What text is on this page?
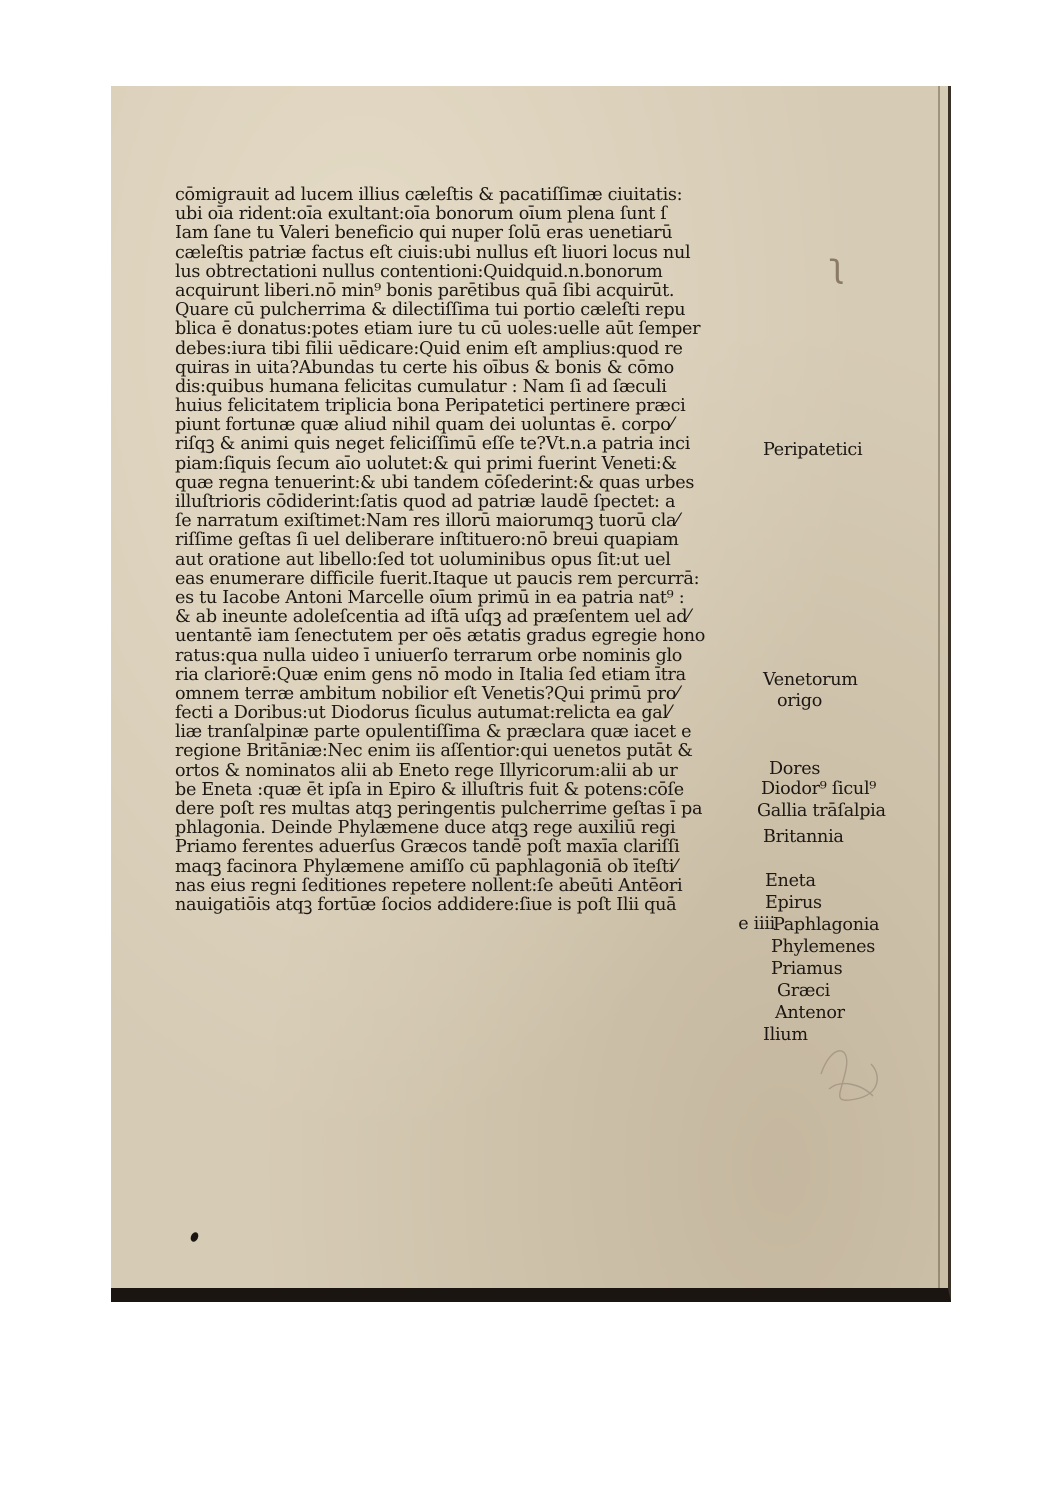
ʅ
cōmigrauit ad lucem illius cæleſtis & pacatiſſimæ ciuitatis:
ubi oīa rident:oīa exultant:oīa bonorum oīum plena ſunt ſ
Iam ſane tu Valeri beneficio qui nuper ſolū eras uenetiarū
cæleſtis patriæ factus eſt ciuis:ubi nullus eſt liuori locus nul
lus obtrectationi nullus contentioni:Quidquid.n.bonorum
acquirunt liberi.nō min⁹ bonis parētibus quā ſibi acquirūt.
Quare cū pulcherrima & dilectiſſima tui portio cæleſti repu
blica ē donatus:potes etiam iure tu cū uoles:uelle aūt ſemper
debes:iura tibi filii uēdicare:Quid enim eſt amplius:quod re
quiras in uita?Abundas tu certe his oībus & bonis & cōmo
dis:quibus humana felicitas cumulatur : Nam ſi ad ſæculi
huius felicitatem triplicia bona Peripatetici pertinere præci
piunt fortunæ quæ aliud nihil quam dei uoluntas ē. corpo⁄
riſqꝫ & animi quis neget feliciſſimū eſſe te?Vt.n.a patria inci
piam:ſiquis ſecum aīo uolutet:& qui primi fuerint Veneti:&
quæ regna tenuerint:& ubi tandem cōſederint:& quas urbes
illuſtrioris cōdiderint:ſatis quod ad patriæ laudē ſpectet: a
ſe narratum exiſtimet:Nam res illorū maiorumqꝫ tuorū cla⁄
riſſime geſtas ſi uel deliberare inſtituero:nō breui quapiam
aut oratione aut libello:ſed tot uoluminibus opus ſit:ut uel
eas enumerare difficile fuerit.Itaque ut paucis rem percurrā:
es tu Iacobe Antoni Marcelle oīum primū in ea patria nat⁹ :
& ab ineunte adoleſcentia ad iſtā uſqꝫ ad præſentem uel ad⁄
uentantē iam ſenectutem per oēs ætatis gradus egregie hono
ratus:qua nulla uideo ī uniuerſo terrarum orbe nominis glo
ria clariorē:Quæ enim gens nō modo in Italia ſed etiam ītra
omnem terræ ambitum nobilior eſt Venetis?Qui primū pro⁄
fecti a Doribus:ut Diodorus ſiculus autumat:relicta ea gal⁄
liæ tranſalpinæ parte opulentiſſima & præclara quæ iacet e
regione Britāniæ:Nec enim iis aſſentior:qui uenetos putāt &
ortos & nominatos alii ab Eneto rege Illyricorum:alii ab ur
be Eneta :quæ ēt ipſa in Epiro & illuſtris fuit & potens:cōſe
dere poſt res multas atqꝫ peringentis pulcherrime geſtas ī pa
phlagonia. Deinde Phylæmene duce atqꝫ rege auxiliū regi
Priamo ferentes aduerſus Græcos tandē poſt maxīa clariſſi
maqꝫ facinora Phylæmene amiſſo cū paphlagoniā ob īteſti⁄
nas eius regni ſeditiones repetere nollent:ſe abeūti Antēori
nauigatiōis atqꝫ fortūæ ſocios addidere:ſiue is poſt Ilii quā
e iiii
Peripatetici
Venetorum
origo
Dores
Diodor⁹ ſicul⁹
Gallia trāſalpia
Britannia
Eneta
Epirus
Paphlagonia
Phylemenes
Priamus
Græci
Antenor
Ilium
